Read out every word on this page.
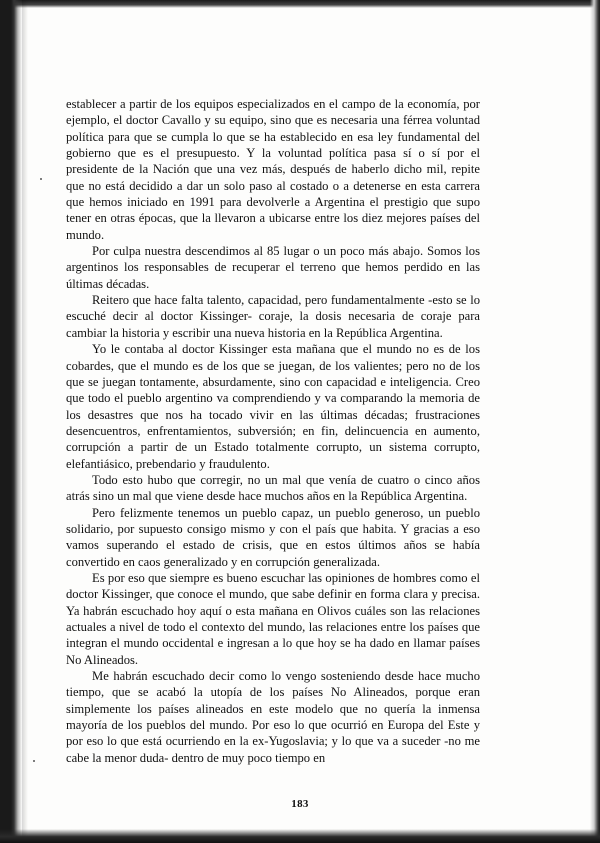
establecer a partir de los equipos especializados en el campo de la economía, por ejemplo, el doctor Cavallo y su equipo, sino que es necesaria una férrea voluntad política para que se cumpla lo que se ha establecido en esa ley fundamental del gobierno que es el presupuesto. Y la voluntad política pasa sí o sí por el presidente de la Nación que una vez más, después de haberlo dicho mil, repite que no está decidido a dar un solo paso al costado o a detenerse en esta carrera que hemos iniciado en 1991 para devolverle a Argentina el prestigio que supo tener en otras épocas, que la llevaron a ubicarse entre los diez mejores países del mundo.

Por culpa nuestra descendimos al 85 lugar o un poco más abajo. Somos los argentinos los responsables de recuperar el terreno que hemos perdido en las últimas décadas.

Reitero que hace falta talento, capacidad, pero fundamentalmente -esto se lo escuché decir al doctor Kissinger- coraje, la dosis necesaria de coraje para cambiar la historia y escribir una nueva historia en la República Argentina.

Yo le contaba al doctor Kissinger esta mañana que el mundo no es de los cobardes, que el mundo es de los que se juegan, de los valientes; pero no de los que se juegan tontamente, absurdamente, sino con capacidad e inteligencia. Creo que todo el pueblo argentino va comprendiendo y va comparando la memoria de los desastres que nos ha tocado vivir en las últimas décadas; frustraciones desencuentros, enfrentamientos, subversión; en fin, delincuencia en aumento, corrupción a partir de un Estado totalmente corrupto, un sistema corrupto, elefantiásico, prebendario y fraudulento.

Todo esto hubo que corregir, no un mal que venía de cuatro o cinco años atrás sino un mal que viene desde hace muchos años en la República Argentina.

Pero felizmente tenemos un pueblo capaz, un pueblo generoso, un pueblo solidario, por supuesto consigo mismo y con el país que habita. Y gracias a eso vamos superando el estado de crisis, que en estos últimos años se había convertido en caos generalizado y en corrupción generalizada.

Es por eso que siempre es bueno escuchar las opiniones de hombres como el doctor Kissinger, que conoce el mundo, que sabe definir en forma clara y precisa. Ya habrán escuchado hoy aquí o esta mañana en Olivos cuáles son las relaciones actuales a nivel de todo el contexto del mundo, las relaciones entre los países que integran el mundo occidental e ingresan a lo que hoy se ha dado en llamar países No Alineados.

Me habrán escuchado decir como lo vengo sosteniendo desde hace mucho tiempo, que se acabó la utopía de los países No Alineados, porque eran simplemente los países alineados en este modelo que no quería la inmensa mayoría de los pueblos del mundo. Por eso lo que ocurrió en Europa del Este y por eso lo que está ocurriendo en la ex-Yugoslavia; y lo que va a suceder -no me cabe la menor duda- dentro de muy poco tiempo en

183
